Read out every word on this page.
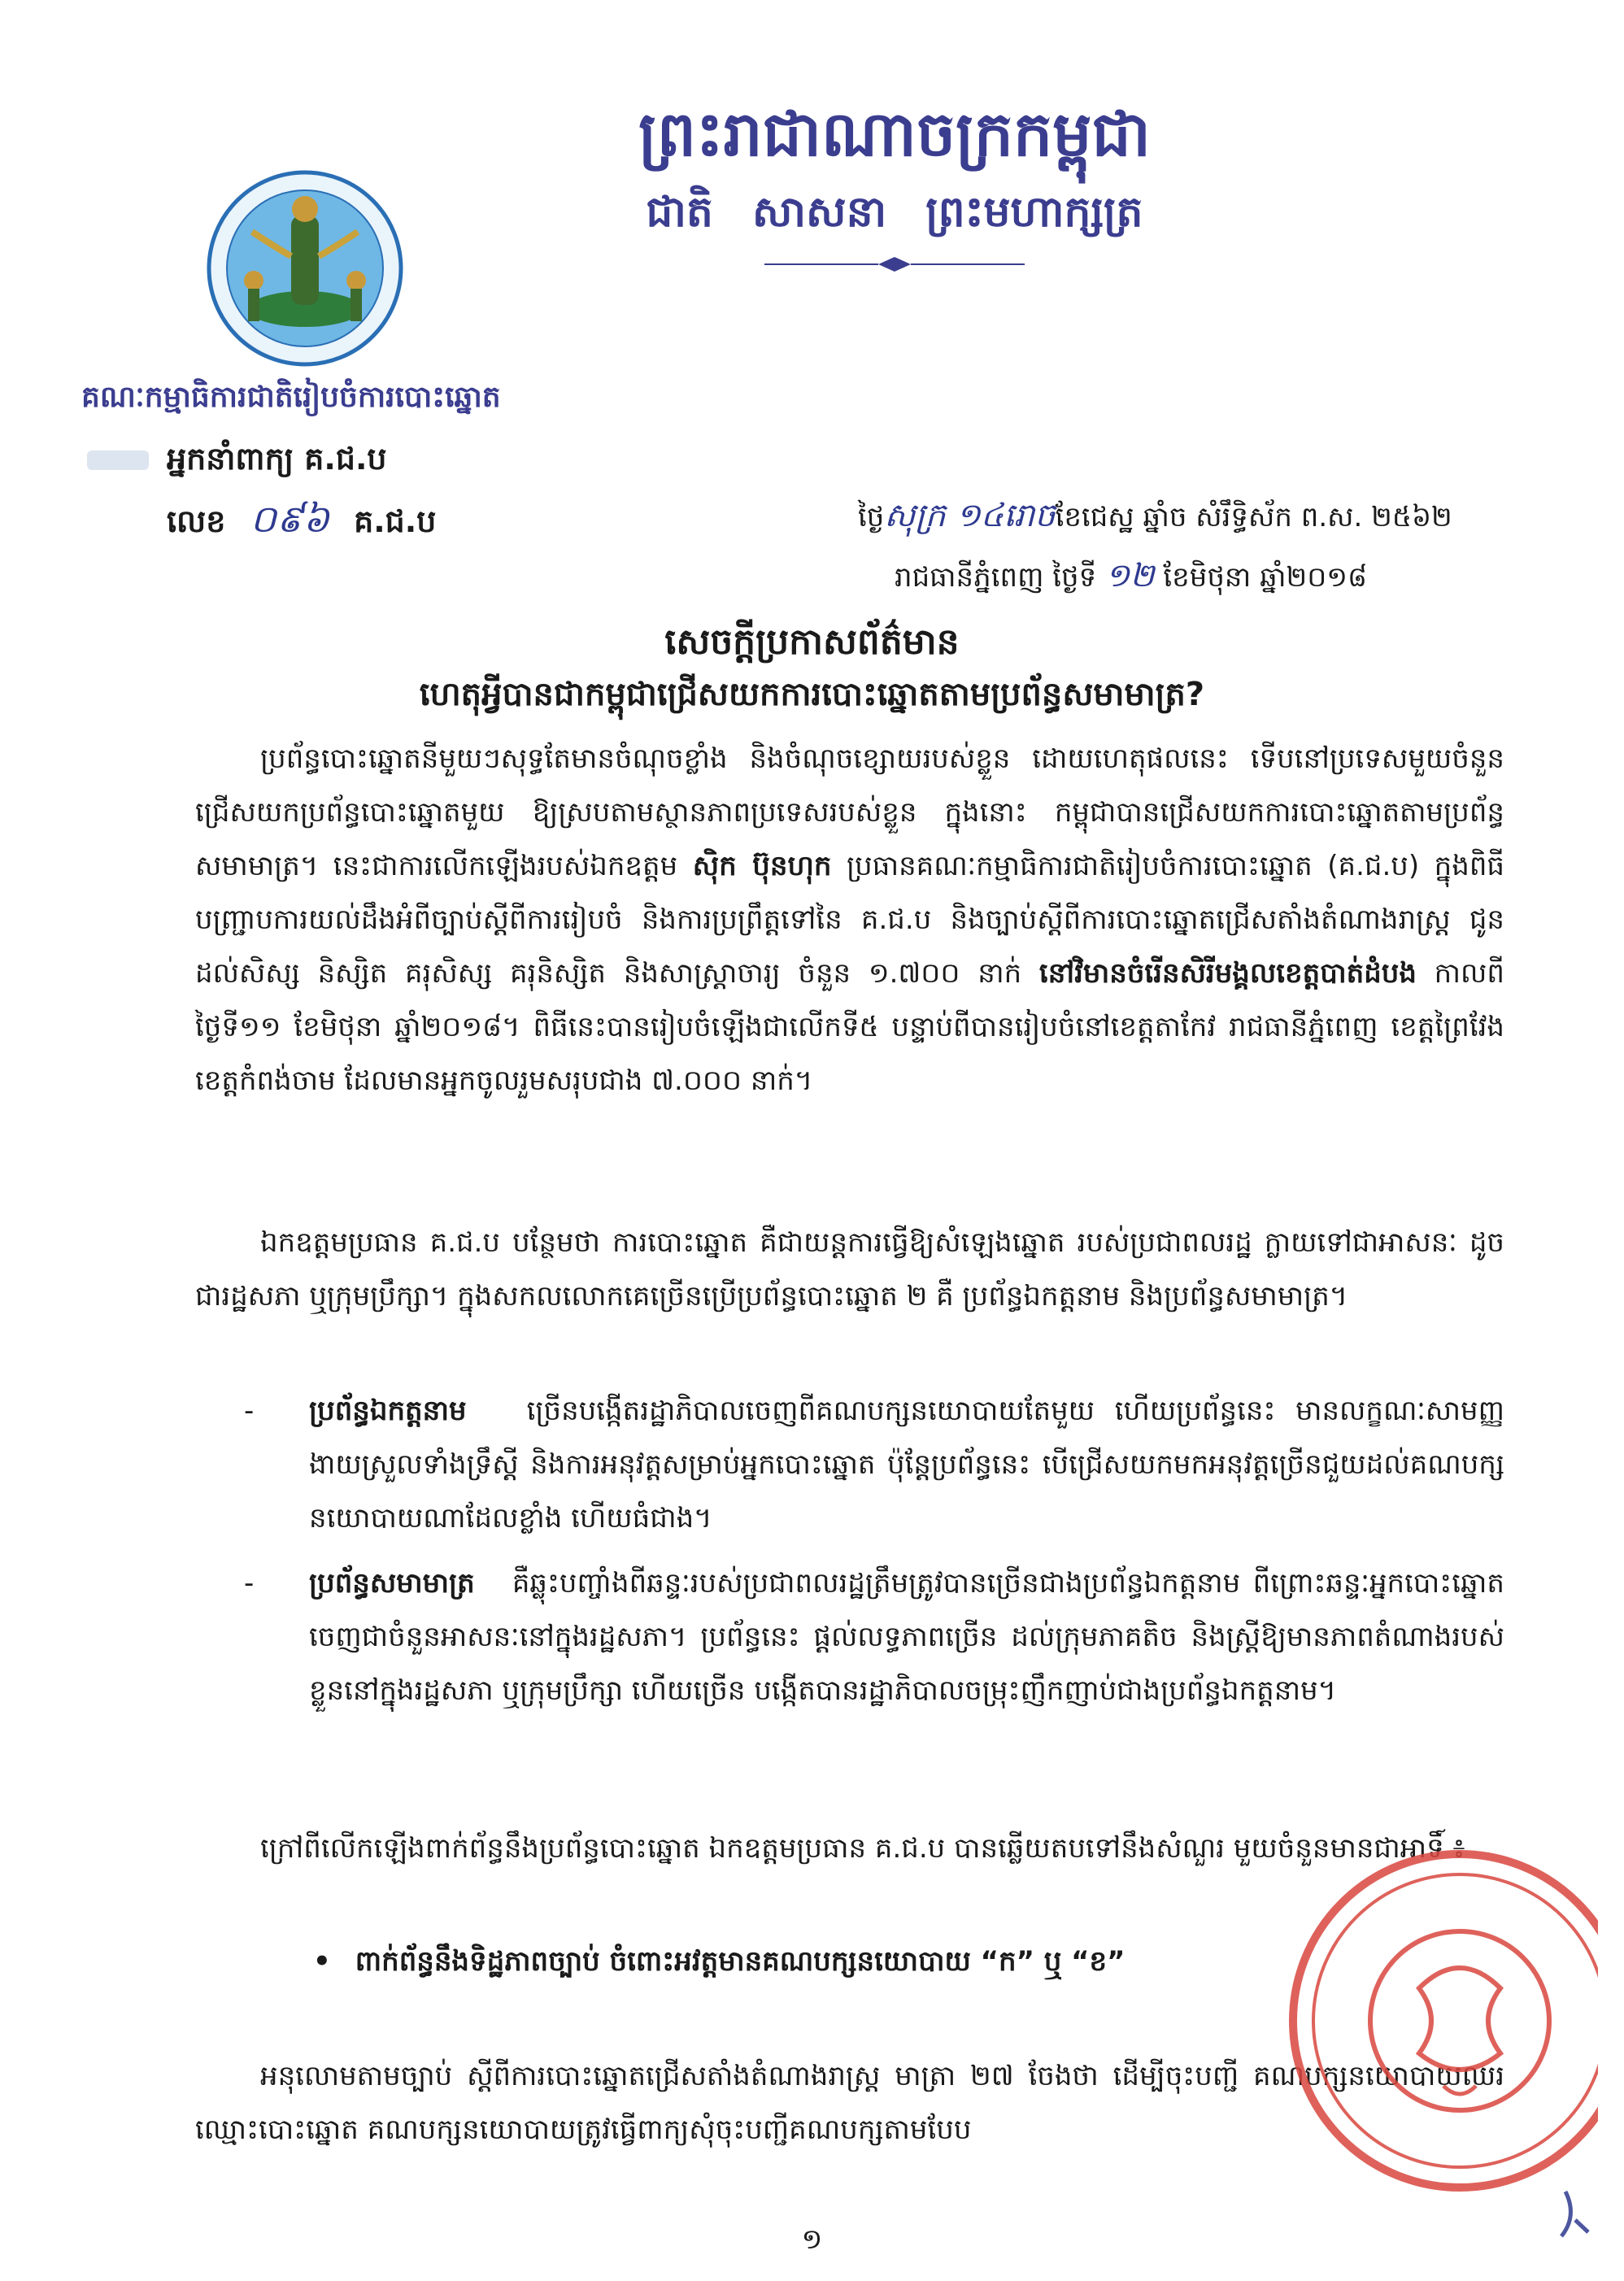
ព្រះរាជាណាចក្រកម្ពុជា
ជាតិ សាសនា ព្រះមហាក្សត្រ
គណៈកម្មាធិការជាតិរៀបចំការបោះឆ្នោត
អ្នកនាំពាក្យ គ.ជ.ប
លេខ ០៩៦ គ.ជ.ប	ថ្ងៃសុក្រ ១៤រោចខែជេស្ឋ ឆ្នាំច សំរឹទ្ធិស័ក ព.ស. ២៥៦២
រាជធានីភ្នំពេញ ថ្ងៃទី ១២ ខែមិថុនា ឆ្នាំ២០១៨
សេចក្តីប្រកាសព័ត៌មាន
ហេតុអ្វីបានជាកម្ពុជាជ្រើសយកការបោះឆ្នោតតាមប្រព័ន្ធសមាមាត្រ?
ប្រព័ន្ធបោះឆ្នោតនីមួយៗសុទ្ធតែមានចំណុចខ្លាំង និងចំណុចខ្សោយរបស់ខ្លួន ដោយហេតុផលនេះ ទើបនៅប្រទេសមួយចំនួនជ្រើសយកប្រព័ន្ធបោះឆ្នោតមួយ ឱ្យស្របតាមស្ថានភាពប្រទេសរបស់ខ្លួន ក្នុងនោះ កម្ពុជាបានជ្រើសយកការបោះឆ្នោតតាមប្រព័ន្ធសមាមាត្រ។ នេះជាការលើកឡើងរបស់ឯកឧត្តម ស៊ិក ប៊ុនហុក ប្រធានគណៈកម្មាធិការជាតិរៀបចំការបោះឆ្នោត (គ.ជ.ប) ក្នុងពិធីបញ្ជ្រាបការយល់ដឹងអំពីច្បាប់ស្តីពីការរៀបចំ និងការប្រព្រឹត្តទៅនៃ គ.ជ.ប និងច្បាប់ស្តីពីការបោះឆ្នោតជ្រើសតាំងតំណាងរាស្ត្រ ជូនដល់សិស្ស និស្សិត គរុសិស្ស គរុនិស្សិត និងសាស្ត្រាចារ្យ ចំនួន ១.៧០០ នាក់ នៅវិមានចំរើនសិរីមង្គលខេត្តបាត់ដំបង កាលពីថ្ងៃទី១១ ខែមិថុនា ឆ្នាំ២០១៨។ ពិធីនេះបានរៀបចំឡើងជាលើកទី៥ បន្ទាប់ពីបានរៀបចំនៅខេត្តតាកែវ រាជធានីភ្នំពេញ ខេត្តព្រៃវែង ខេត្តកំពង់ចាម ដែលមានអ្នកចូលរួមសរុបជាង ៧.០០០ នាក់។
ឯកឧត្តមប្រធាន គ.ជ.ប បន្ថែមថា ការបោះឆ្នោត គឺជាយន្តការធ្វើឱ្យសំឡេងឆ្នោត របស់ប្រជាពលរដ្ឋ ក្លាយទៅជាអាសនៈ ដូចជារដ្ឋសភា ឬក្រុមប្រឹក្សា។ ក្នុងសកលលោកគេច្រើនប្រើប្រព័ន្ធបោះឆ្នោត ២ គឺ ប្រព័ន្ធឯកត្តនាម និងប្រព័ន្ធសមាមាត្រ។
-	ប្រព័ន្ធឯកត្តនាម ច្រើនបង្កើតរដ្ឋាភិបាលចេញពីគណបក្សនយោបាយតែមួយ ហើយប្រព័ន្ធនេះ មានលក្ខណៈសាមញ្ញ ងាយស្រួលទាំងទ្រឹស្តី និងការអនុវត្តសម្រាប់អ្នកបោះឆ្នោត ប៉ុន្តែប្រព័ន្ធនេះ បើជ្រើសយកមកអនុវត្តច្រើនជួយដល់គណបក្សនយោបាយណាដែលខ្លាំង ហើយធំជាង។
-	ប្រព័ន្ធសមាមាត្រ គឺឆ្លុះបញ្ចាំងពីឆន្ទៈរបស់ប្រជាពលរដ្ឋត្រឹមត្រូវបានច្រើនជាងប្រព័ន្ធឯកត្តនាម ពីព្រោះឆន្ទៈអ្នកបោះឆ្នោតចេញជាចំនួនអាសនៈនៅក្នុងរដ្ឋសភា។ ប្រព័ន្ធនេះ ផ្តល់លទ្ធភាពច្រើន ដល់ក្រុមភាគតិច និងស្ត្រីឱ្យមានភាពតំណាងរបស់ខ្លួននៅក្នុងរដ្ឋសភា ឬក្រុមប្រឹក្សា ហើយច្រើន បង្កើតបានរដ្ឋាភិបាលចម្រុះញឹកញាប់ជាងប្រព័ន្ធឯកត្តនាម។
ក្រៅពីលើកឡើងពាក់ព័ន្ធនឹងប្រព័ន្ធបោះឆ្នោត ឯកឧត្តមប្រធាន គ.ជ.ប បានឆ្លើយតបទៅនឹងសំណួរ មួយចំនួនមានជាអាទិ៍ ៖
• ពាក់ព័ន្ធនឹងទិដ្ឋភាពច្បាប់ ចំពោះអវត្តមានគណបក្សនយោបាយ “ក” ឬ “ខ”
អនុលោមតាមច្បាប់ ស្តីពីការបោះឆ្នោតជ្រើសតាំងតំណាងរាស្ត្រ មាត្រា ២៧ ចែងថា ដើម្បីចុះបញ្ជី គណបក្សនយោបាយឈរឈ្មោះបោះឆ្នោត គណបក្សនយោបាយត្រូវធ្វើពាក្យសុំចុះបញ្ជីគណបក្សតាមបែប
១
